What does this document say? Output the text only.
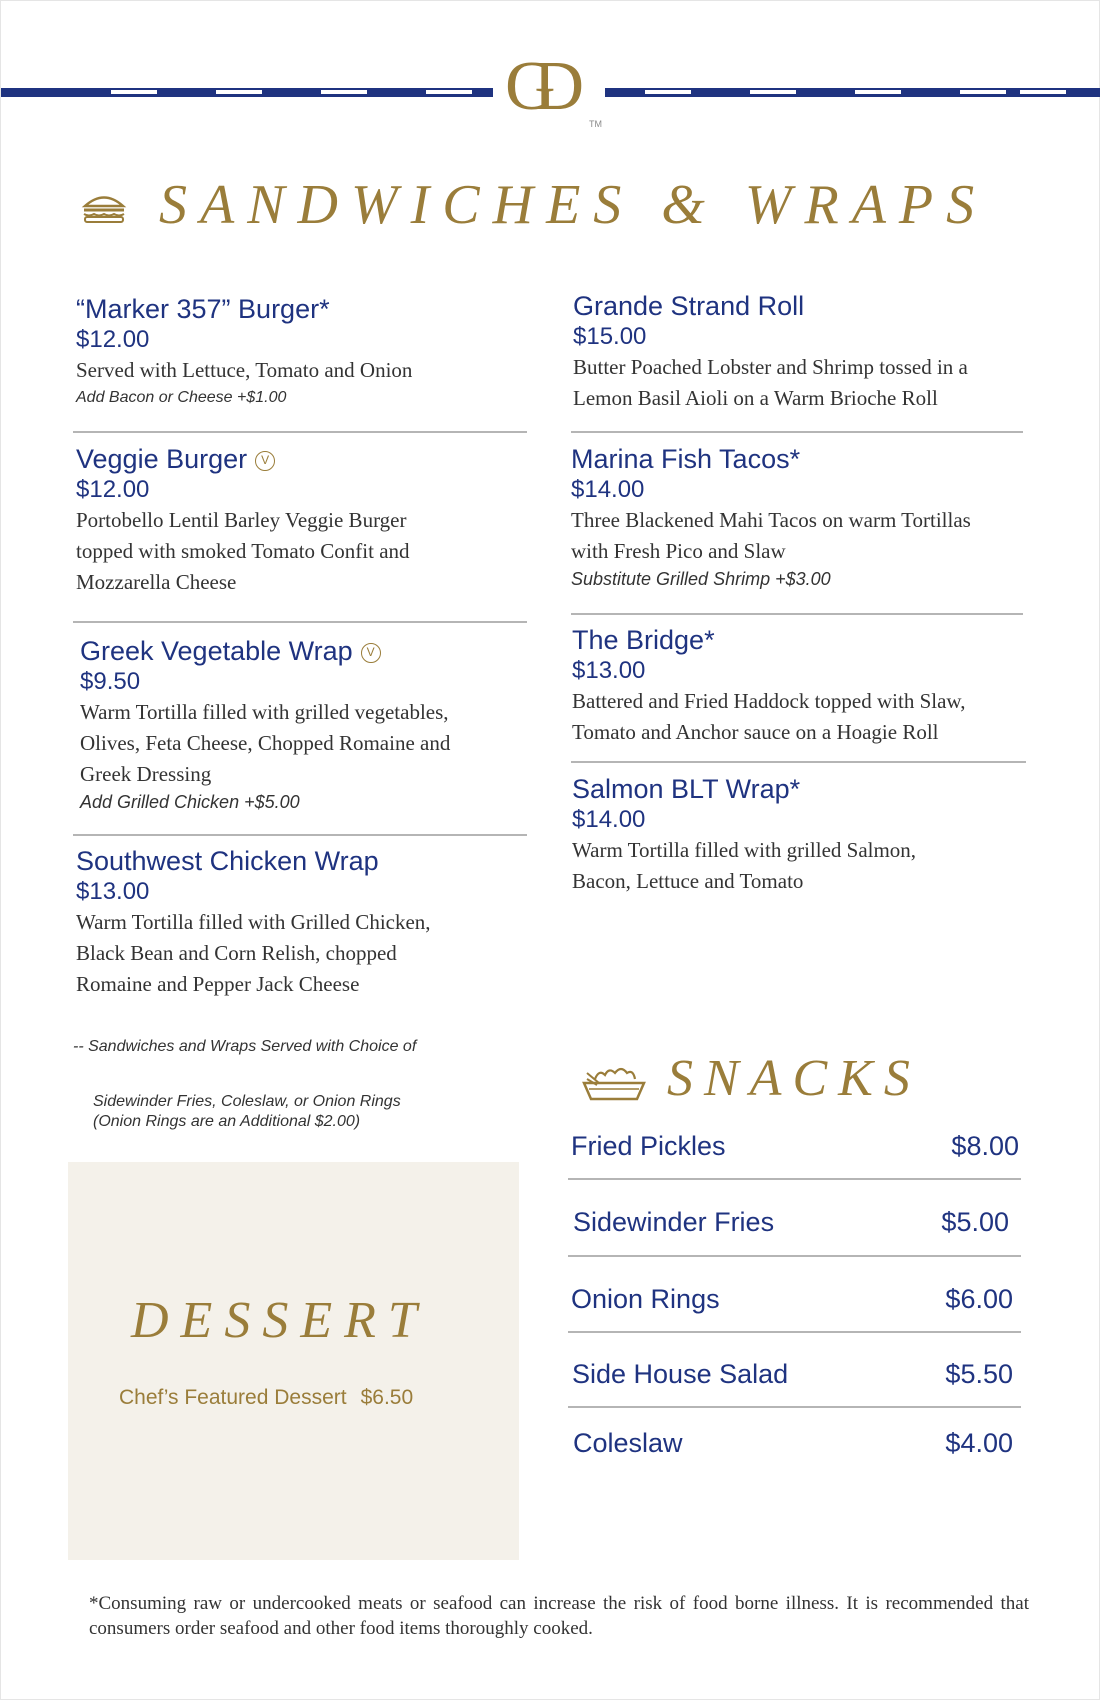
GD	TM
SANDWICHES & WRAPS
“Marker 357” Burger*
$12.00
Served with Lettuce, Tomato and Onion
Add Bacon or Cheese +$1.00
Veggie Burger V
$12.00
Portobello Lentil Barley Veggie Burger
topped with smoked Tomato Confit and
Mozzarella Cheese
Greek Vegetable Wrap V
$9.50
Warm Tortilla filled with grilled vegetables,
Olives, Feta Cheese, Chopped Romaine and
Greek Dressing
Add Grilled Chicken +$5.00
Southwest Chicken Wrap
$13.00
Warm Tortilla filled with Grilled Chicken,
Black Bean and Corn Relish, chopped
Romaine and Pepper Jack Cheese
-- Sandwiches and Wraps Served with Choice of
Sidewinder Fries, Coleslaw, or Onion Rings
(Onion Rings are an Additional $2.00)
Grande Strand Roll
$15.00
Butter Poached Lobster and Shrimp tossed in a
Lemon Basil Aioli on a Warm Brioche Roll
Marina Fish Tacos*
$14.00
Three Blackened Mahi Tacos on warm Tortillas
with Fresh Pico and Slaw
Substitute Grilled Shrimp +$3.00
The Bridge*
$13.00
Battered and Fried Haddock topped with Slaw,
Tomato and Anchor sauce on a Hoagie Roll
Salmon BLT Wrap*
$14.00
Warm Tortilla filled with grilled Salmon,
Bacon, Lettuce and Tomato
SNACKS
Fried Pickles	$8.00
Sidewinder Fries	$5.00
Onion Rings	$6.00
Side House Salad	$5.50
Coleslaw	$4.00
DESSERT
Chef’s Featured Dessert $6.50
*Consuming raw or undercooked meats or seafood can increase the risk of food borne illness. It is recommended that consumers order seafood and other food items thoroughly cooked.
